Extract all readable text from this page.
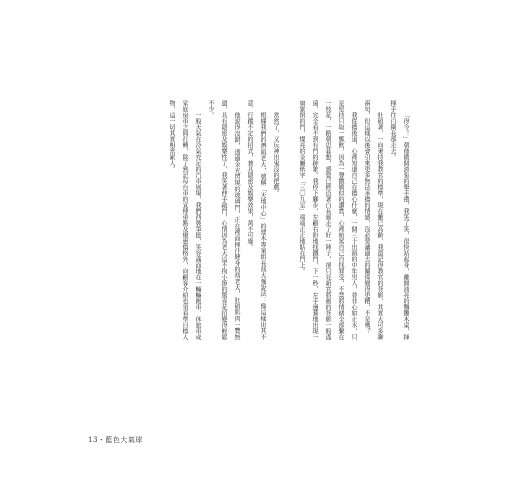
「得令！」朝他做個誇張的舉手禮，我笑了笑，很快站起身，離開油亮的麵攤木桌，揮揮手往白衛長那走去。

壯碩著，一向秉持我教官的標準，現在雖已高齡，我還記得教官的背影，其實大可多聊兩句，但這樣以後會引來更多無法承擔的情感，沒必要讓過去的關係變得更糟，不是嗎？

我從擔後退，心裡知道自己在擔心什麼，一個三十出頭的中年男人，並非心如止水，只是堅持只取一瓢飲，因為一聲撒嬌似的讚賞，心裡暗罵自己自找罪受，不禁將情緒全部繫在一枝花，一路朝思暮想，感覺已經沿著白長廊走了好一陣子，卻只見新官將劍的背影一般遙遠，完全看不到有門的跡象。我停下腳步，左顧右盼地找鐵門，下一秒，左手邊驀地出現一扇緊閉的門，燦亮的金屬紙字「三〇九室」端端正正地貼在門上。

當然了，又玩神出鬼沒的把戲。

根據我們的潛頭老大，號稱「天地中心」的建木專案組長馮大強說法：像這樣出其不意、行蹤不定的招式，兼具隱密及娛樂效果，萬不可廢。

他說得沒錯，透過金光閃現的玻璃門，正在裡面揮汗健身的馮老大，壯碩肌肉一覽無遺，具有隱密及娛樂性了，我笑著伸手敲門，心情因為老大這不拘小節的驚喜花招變得輕鬆不少。

一般天氣在冷氣充足的汽車展場，我們西裝筆挺，笑容滿面地在一輛輛跑車、休旅車或家庭房車之間打轉，除了熟記每台車的宣傳重點及優惠價格外，向顧客介紹也須看準目標人物，這一切其實相當累人。

13・藍色大氣球
